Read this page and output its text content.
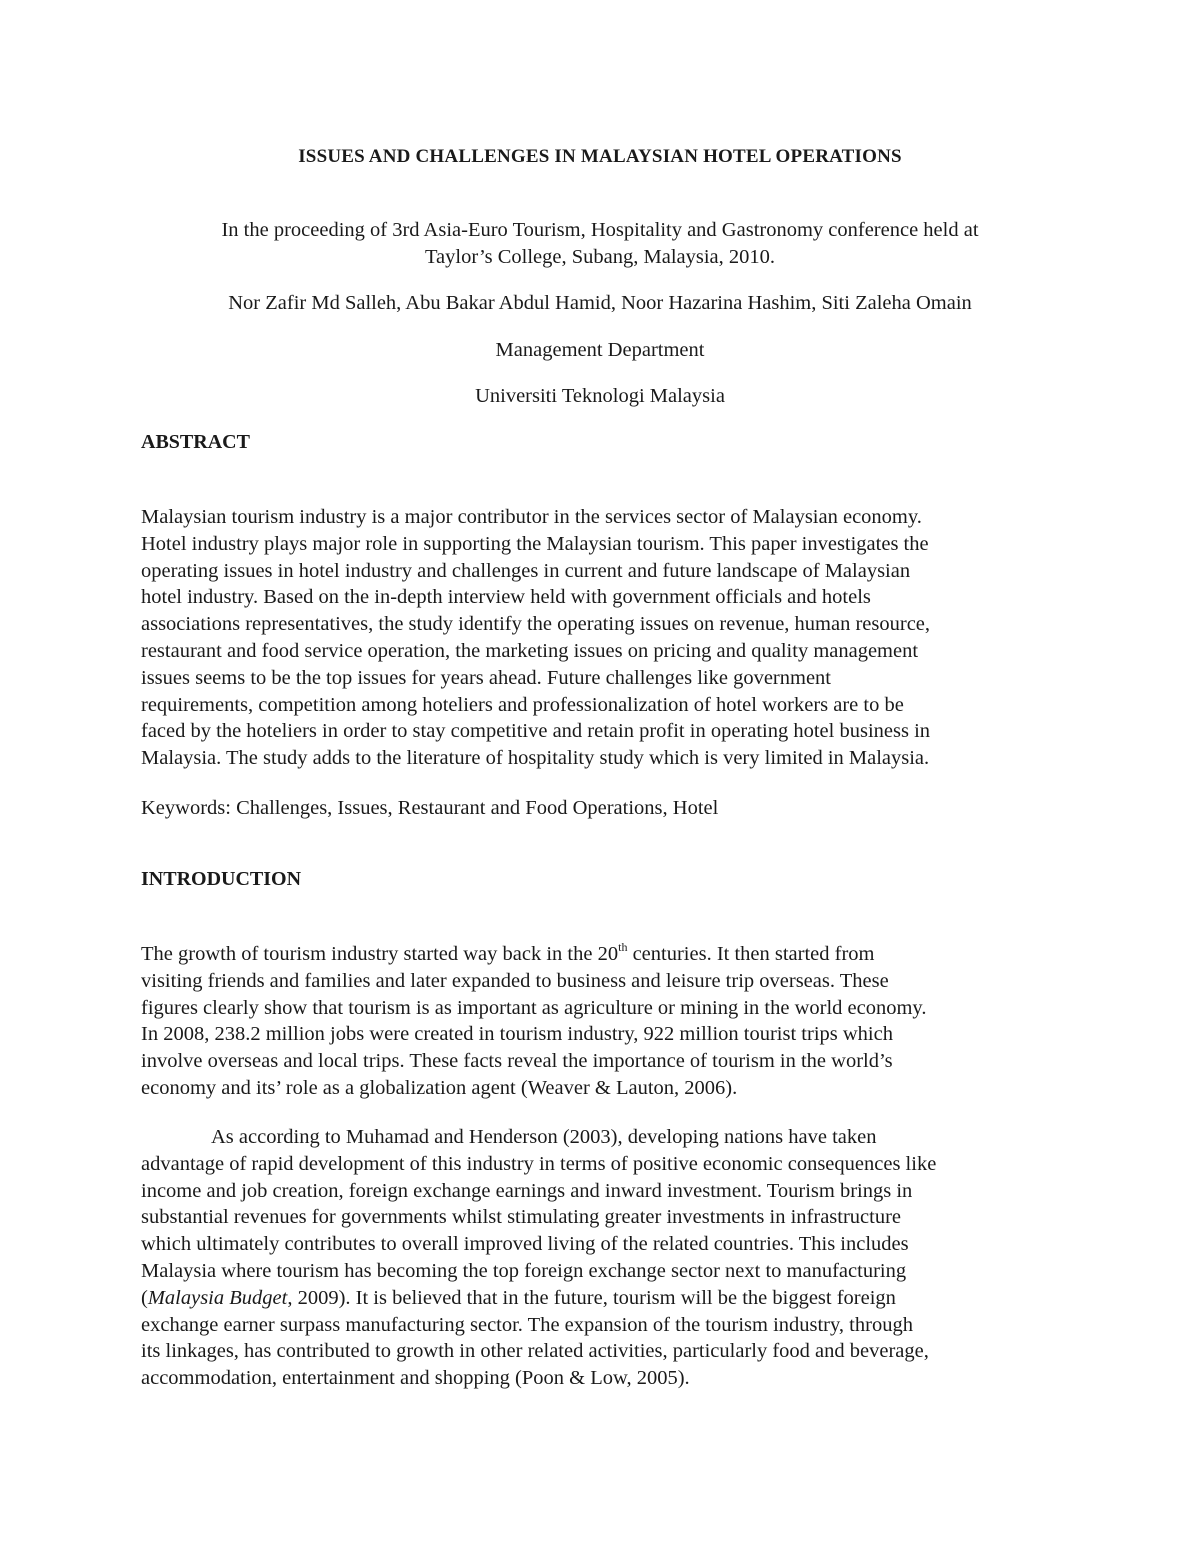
ISSUES AND CHALLENGES IN MALAYSIAN HOTEL OPERATIONS
In the proceeding of 3rd Asia-Euro Tourism, Hospitality and Gastronomy conference held at
Taylor’s College, Subang, Malaysia, 2010.
Nor Zafir Md Salleh, Abu Bakar Abdul Hamid, Noor Hazarina Hashim, Siti Zaleha Omain
Management Department
Universiti Teknologi Malaysia
ABSTRACT
Malaysian tourism industry is a major contributor in the services sector of Malaysian economy.
Hotel industry plays major role in supporting the Malaysian tourism. This paper investigates the
operating issues in hotel industry and challenges in current and future landscape of Malaysian
hotel industry. Based on the in-depth interview held with government officials and hotels
associations representatives, the study identify the operating issues on revenue, human resource,
restaurant and food service operation, the marketing issues on pricing and quality management
issues seems to be the top issues for years ahead. Future challenges like government
requirements, competition among hoteliers and professionalization of hotel workers are to be
faced by the hoteliers in order to stay competitive and retain profit in operating hotel business in
Malaysia. The study adds to the literature of hospitality study which is very limited in Malaysia.
Keywords: Challenges, Issues, Restaurant and Food Operations, Hotel
INTRODUCTION
The growth of tourism industry started way back in the 20th centuries. It then started from
visiting friends and families and later expanded to business and leisure trip overseas. These
figures clearly show that tourism is as important as agriculture or mining in the world economy.
In 2008, 238.2 million jobs were created in tourism industry, 922 million tourist trips which
involve overseas and local trips. These facts reveal the importance of tourism in the world’s
economy and its’ role as a globalization agent (Weaver & Lauton, 2006).
As according to Muhamad and Henderson (2003), developing nations have taken
advantage of rapid development of this industry in terms of positive economic consequences like
income and job creation, foreign exchange earnings and inward investment. Tourism brings in
substantial revenues for governments whilst stimulating greater investments in infrastructure
which ultimately contributes to overall improved living of the related countries. This includes
Malaysia where tourism has becoming the top foreign exchange sector next to manufacturing
(Malaysia Budget, 2009). It is believed that in the future, tourism will be the biggest foreign
exchange earner surpass manufacturing sector. The expansion of the tourism industry, through
its linkages, has contributed to growth in other related activities, particularly food and beverage,
accommodation, entertainment and shopping (Poon & Low, 2005).
